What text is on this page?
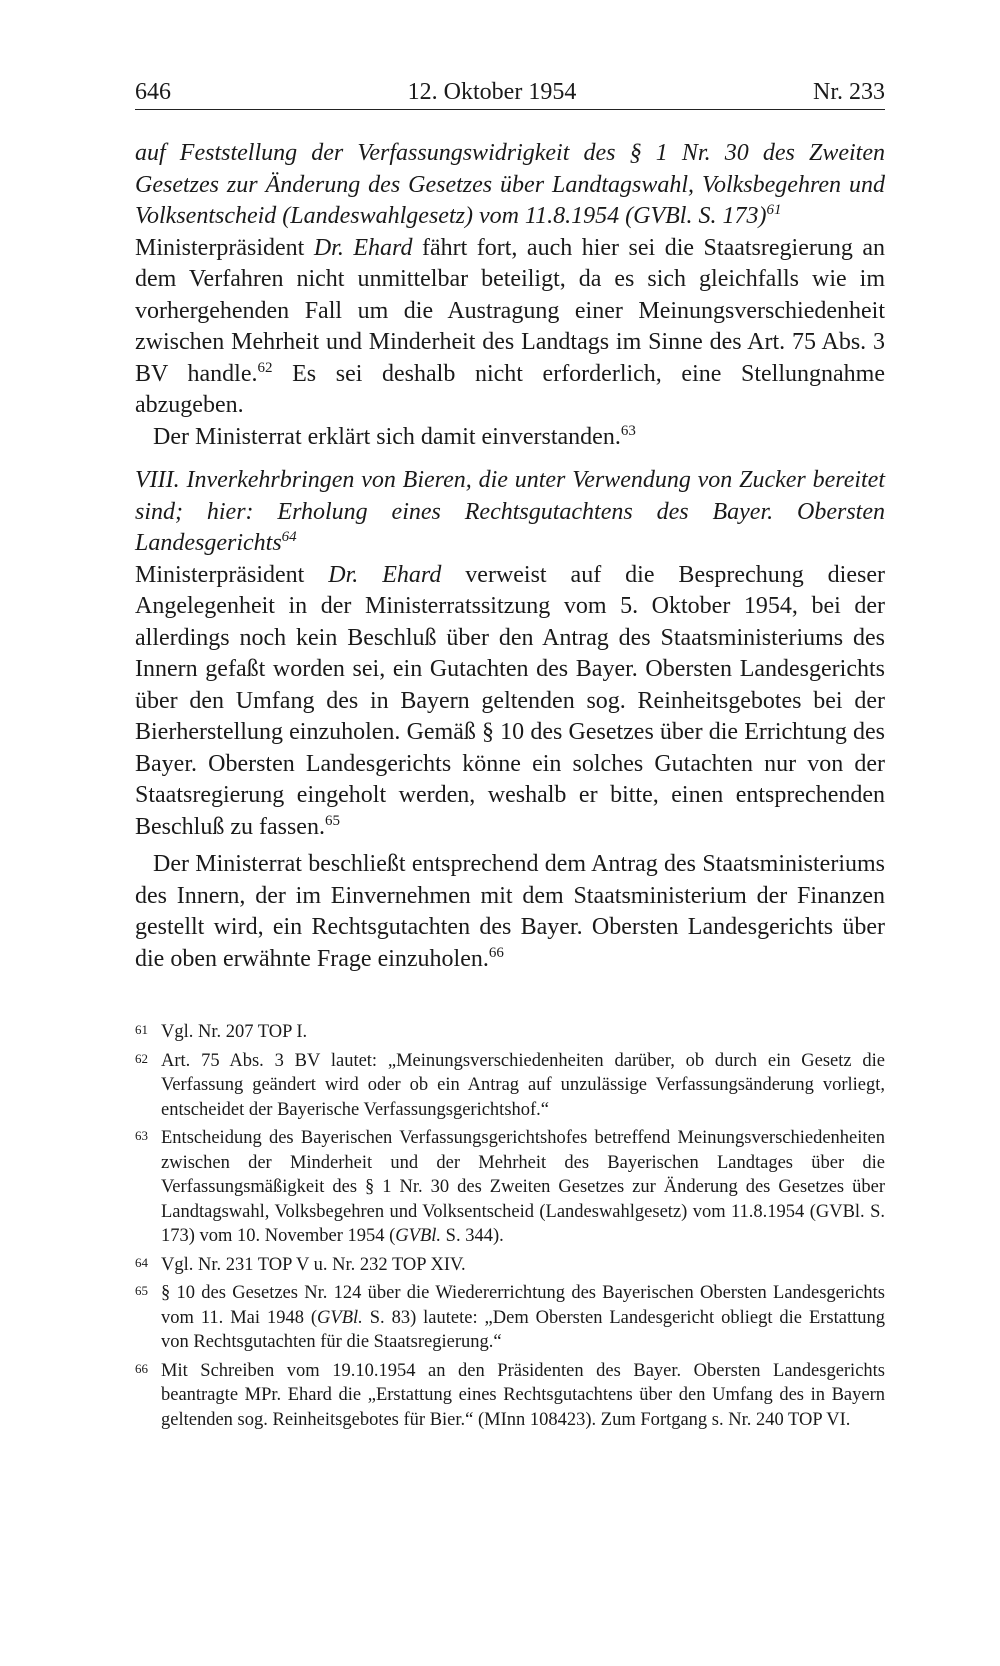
646	12. Oktober 1954	Nr. 233
auf Feststellung der Verfassungswidrigkeit des § 1 Nr. 30 des Zweiten Gesetzes zur Änderung des Gesetzes über Landtagswahl, Volksbegehren und Volksentscheid (Landeswahlgesetz) vom 11.8.1954 (GVBl. S. 173)$^{61}$

Ministerpräsident Dr. Ehard fährt fort, auch hier sei die Staatsregierung an dem Verfahren nicht unmittelbar beteiligt, da es sich gleichfalls wie im vorhergehenden Fall um die Austragung einer Meinungsverschiedenheit zwischen Mehrheit und Minderheit des Landtags im Sinne des Art. 75 Abs. 3 BV handle.$^{62}$ Es sei deshalb nicht erforderlich, eine Stellungnahme abzugeben.

Der Ministerrat erklärt sich damit einverstanden.$^{63}$

VIII. Inverkehrbringen von Bieren, die unter Verwendung von Zucker bereitet sind; hier: Erholung eines Rechtsgutachtens des Bayer. Obersten Landesgerichts$^{64}$

Ministerpräsident Dr. Ehard verweist auf die Besprechung dieser Angelegenheit in der Ministerratssitzung vom 5. Oktober 1954, bei der allerdings noch kein Beschluß über den Antrag des Staatsministeriums des Innern gefaßt worden sei, ein Gutachten des Bayer. Obersten Landesgerichts über den Umfang des in Bayern geltenden sog. Reinheitsgebotes bei der Bierherstellung einzuholen. Gemäß § 10 des Gesetzes über die Errichtung des Bayer. Obersten Landesgerichts könne ein solches Gutachten nur von der Staatsregierung eingeholt werden, weshalb er bitte, einen entsprechenden Beschluß zu fassen.$^{65}$

Der Ministerrat beschließt entsprechend dem Antrag des Staatsministeriums des Innern, der im Einvernehmen mit dem Staatsministerium der Finanzen gestellt wird, ein Rechtsgutachten des Bayer. Obersten Landesgerichts über die oben erwähnte Frage einzuholen.$^{66}$

61 Vgl. Nr. 207 TOP I.
62 Art. 75 Abs. 3 BV lautet: „Meinungsverschiedenheiten darüber, ob durch ein Gesetz die Verfassung geändert wird oder ob ein Antrag auf unzulässige Verfassungsänderung vorliegt, entscheidet der Bayerische Verfassungsgerichtshof.“
63 Entscheidung des Bayerischen Verfassungsgerichtshofes betreffend Meinungsverschiedenheiten zwischen der Minderheit und der Mehrheit des Bayerischen Landtages über die Verfassungsmäßigkeit des § 1 Nr. 30 des Zweiten Gesetzes zur Änderung des Gesetzes über Landtagswahl, Volksbegehren und Volksentscheid (Landeswahlgesetz) vom 11.8.1954 (GVBl. S. 173) vom 10. November 1954 (GVBl. S. 344).
64 Vgl. Nr. 231 TOP V u. Nr. 232 TOP XIV.
65 § 10 des Gesetzes Nr. 124 über die Wiedererrichtung des Bayerischen Obersten Landesgerichts vom 11. Mai 1948 (GVBl. S. 83) lautete: „Dem Obersten Landesgericht obliegt die Erstattung von Rechtsgutachten für die Staatsregierung.“
66 Mit Schreiben vom 19.10.1954 an den Präsidenten des Bayer. Obersten Landesgerichts beantragte MPr. Ehard die „Erstattung eines Rechtsgutachtens über den Umfang des in Bayern geltenden sog. Reinheitsgebotes für Bier.“ (MInn 108423). Zum Fortgang s. Nr. 240 TOP VI.
